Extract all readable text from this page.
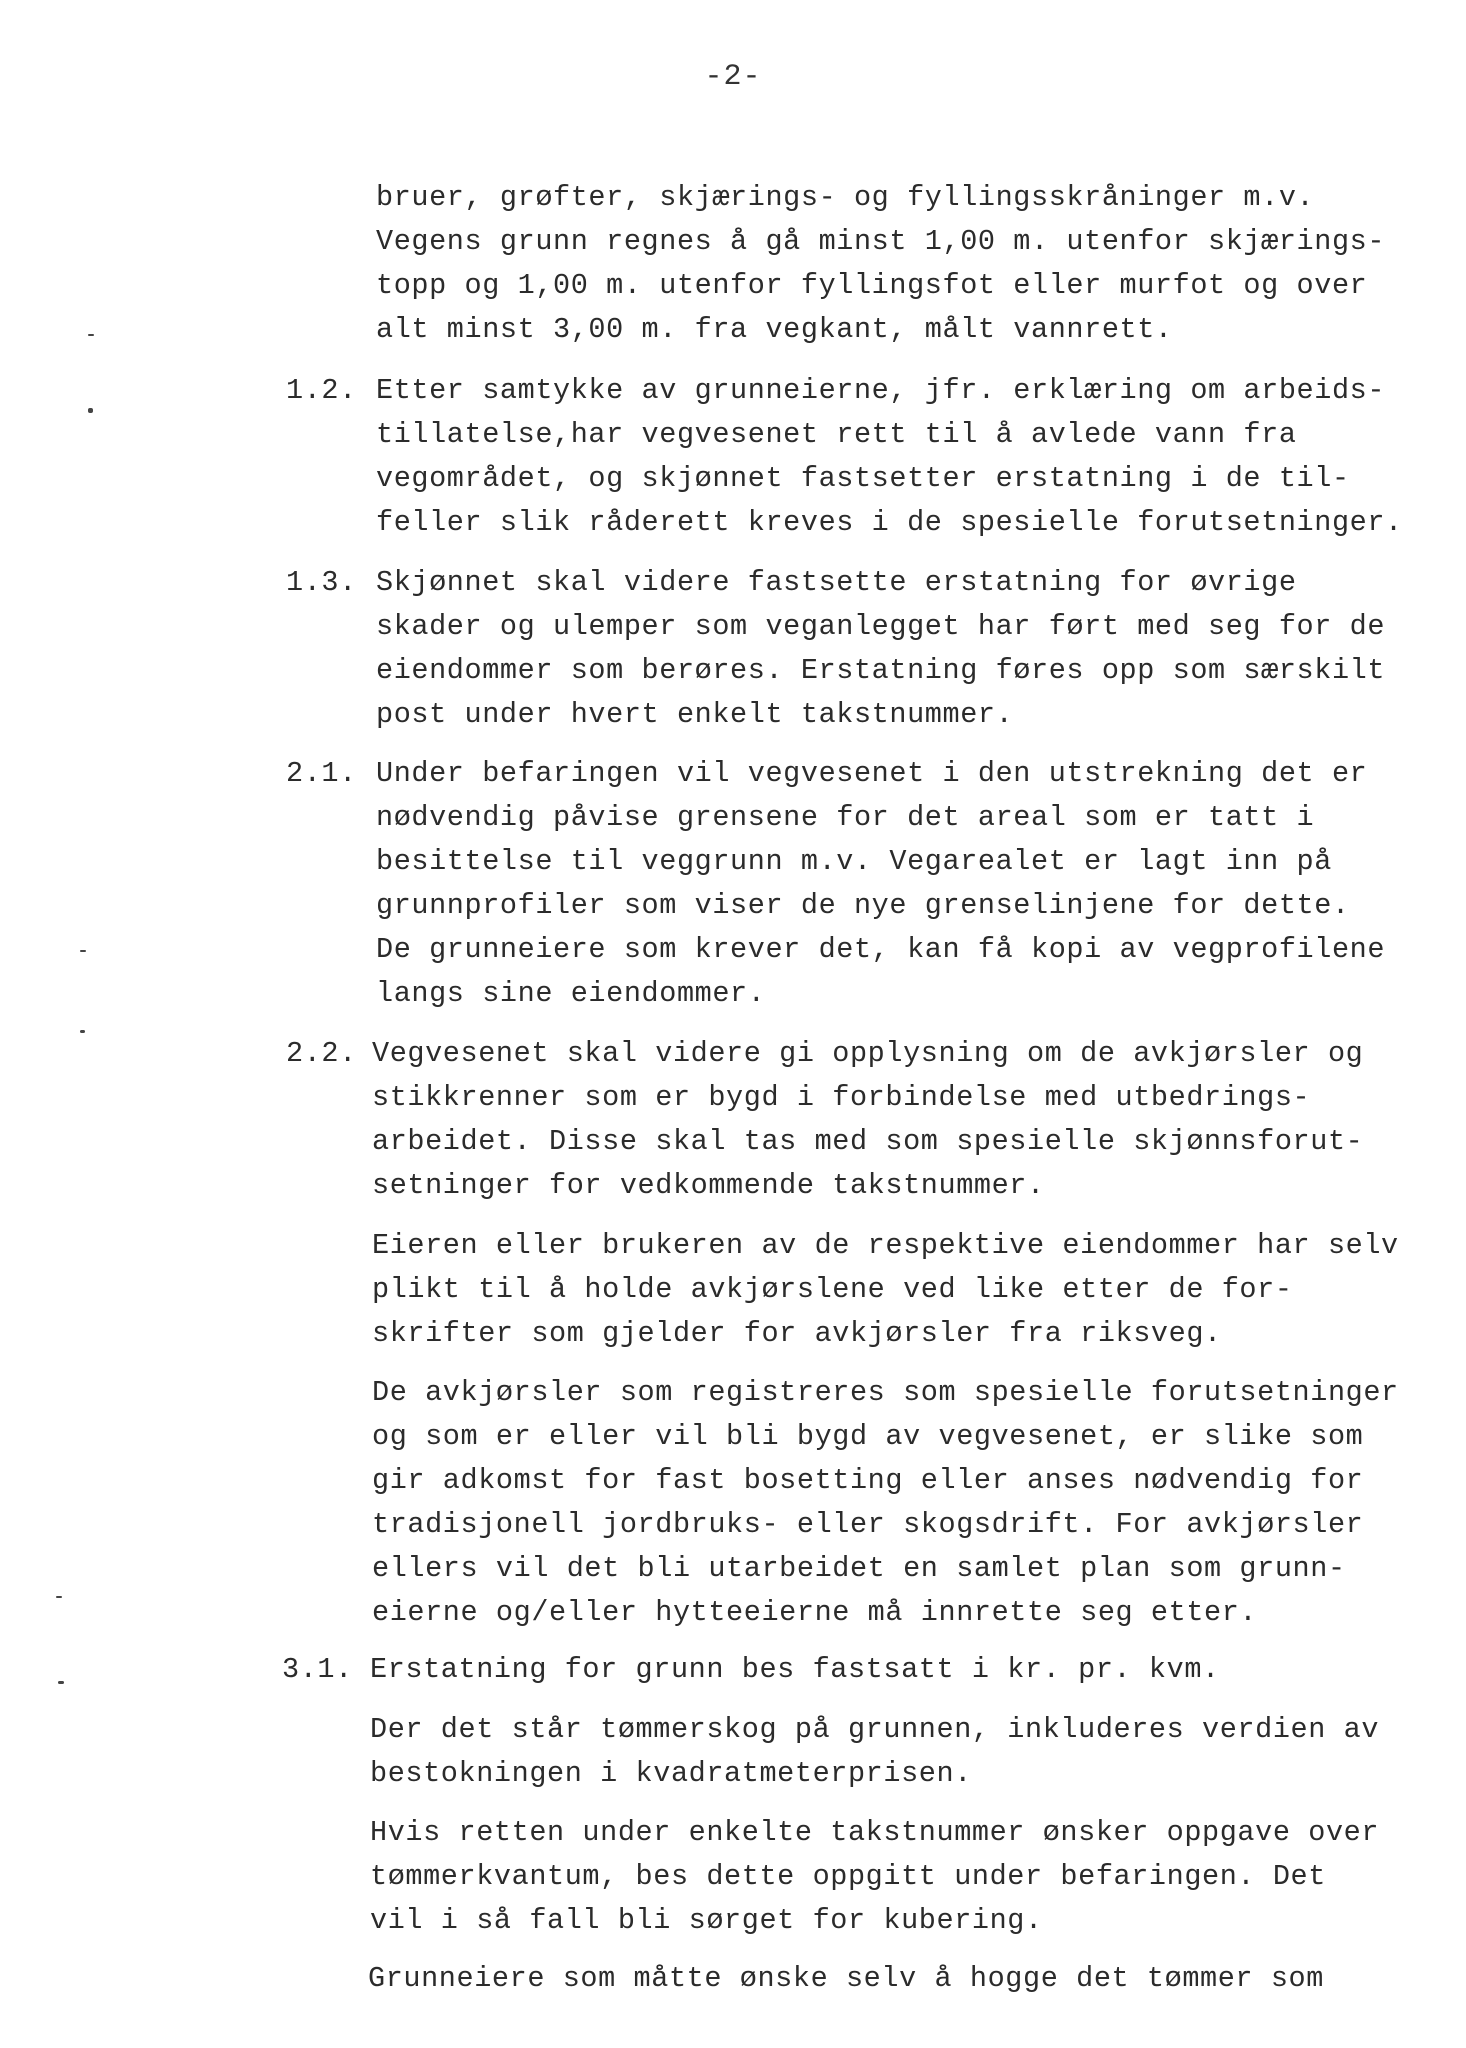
-2-
bruer, grøfter, skjærings- og fyllingsskråninger m.v.
Vegens grunn regnes å gå minst 1,00 m. utenfor skjærings-
topp og 1,00 m. utenfor fyllingsfot eller murfot og over
alt minst 3,00 m. fra vegkant, målt vannrett.
1.2. Etter samtykke av grunneierne, jfr. erklæring om arbeids-
tillatelse,har vegvesenet rett til å avlede vann fra
vegområdet, og skjønnet fastsetter erstatning i de til-
feller slik råderett kreves i de spesielle forutsetninger.
1.3. Skjønnet skal videre fastsette erstatning for øvrige
skader og ulemper som veganlegget har ført med seg for de
eiendommer som berøres. Erstatning føres opp som særskilt
post under hvert enkelt takstnummer.
2.1. Under befaringen vil vegvesenet i den utstrekning det er
nødvendig påvise grensene for det areal som er tatt i
besittelse til veggrunn m.v. Vegarealet er lagt inn på
grunnprofiler som viser de nye grenselinjene for dette.
De grunneiere som krever det, kan få kopi av vegprofilene
langs sine eiendommer.
2.2. Vegvesenet skal videre gi opplysning om de avkjørsler og
stikkrenner som er bygd i forbindelse med utbedrings-
arbeidet. Disse skal tas med som spesielle skjønnsforut-
setninger for vedkommende takstnummer.
Eieren eller brukeren av de respektive eiendommer har selv
plikt til å holde avkjørslene ved like etter de for-
skrifter som gjelder for avkjørsler fra riksveg.
De avkjørsler som registreres som spesielle forutsetninger
og som er eller vil bli bygd av vegvesenet, er slike som
gir adkomst for fast bosetting eller anses nødvendig for
tradisjonell jordbruks- eller skogsdrift. For avkjørsler
ellers vil det bli utarbeidet en samlet plan som grunn-
eierne og/eller hytteeierne må innrette seg etter.
3.1. Erstatning for grunn bes fastsatt i kr. pr. kvm.
Der det står tømmerskog på grunnen, inkluderes verdien av
bestokningen i kvadratmeterprisen.
Hvis retten under enkelte takstnummer ønsker oppgave over
tømmerkvantum, bes dette oppgitt under befaringen. Det
vil i så fall bli sørget for kubering.
Grunneiere som måtte ønske selv å hogge det tømmer som
